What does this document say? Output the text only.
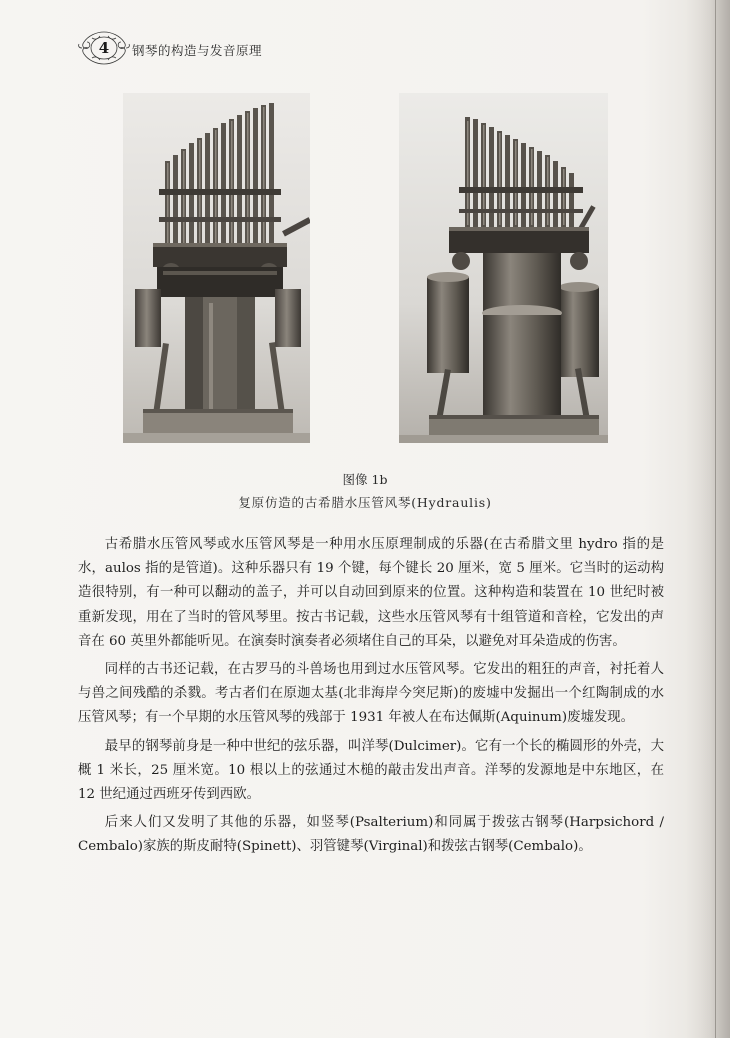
4	钢琴的构造与发音原理
图像 1b
复原仿造的古希腊水压管风琴(Hydraulis)

古希腊水压管风琴或水压管风琴是一种用水压原理制成的乐器(在古希腊文里 hydro 指的是水，aulos 指的是管道)。这种乐器只有 19 个键，每个键长 20 厘米，宽 5 厘米。它当时的运动构造很特别，有一种可以翻动的盖子，并可以自动回到原来的位置。这种构造和装置在 10 世纪时被重新发现，用在了当时的管风琴里。按古书记载，这些水压管风琴有十组管道和音栓，它发出的声音在 60 英里外都能听见。在演奏时演奏者必须堵住自己的耳朵，以避免对耳朵造成的伤害。

同样的古书还记载，在古罗马的斗兽场也用到过水压管风琴。它发出的粗狂的声音，衬托着人与兽之间残酷的杀戮。考古者们在原迦太基(北非海岸今突尼斯)的废墟中发掘出一个红陶制成的水压管风琴；有一个早期的水压管风琴的残部于 1931 年被人在布达佩斯(Aquinum)废墟发现。

最早的钢琴前身是一种中世纪的弦乐器，叫洋琴(Dulcimer)。它有一个长的椭圆形的外壳，大概 1 米长，25 厘米宽。10 根以上的弦通过木槌的敲击发出声音。洋琴的发源地是中东地区，在 12 世纪通过西班牙传到西欧。

后来人们又发明了其他的乐器，如竖琴(Psalterium)和同属于拨弦古钢琴(Harpsichord / Cembalo)家族的斯皮耐特(Spinett)、羽管键琴(Virginal)和拨弦古钢琴(Cembalo)。
